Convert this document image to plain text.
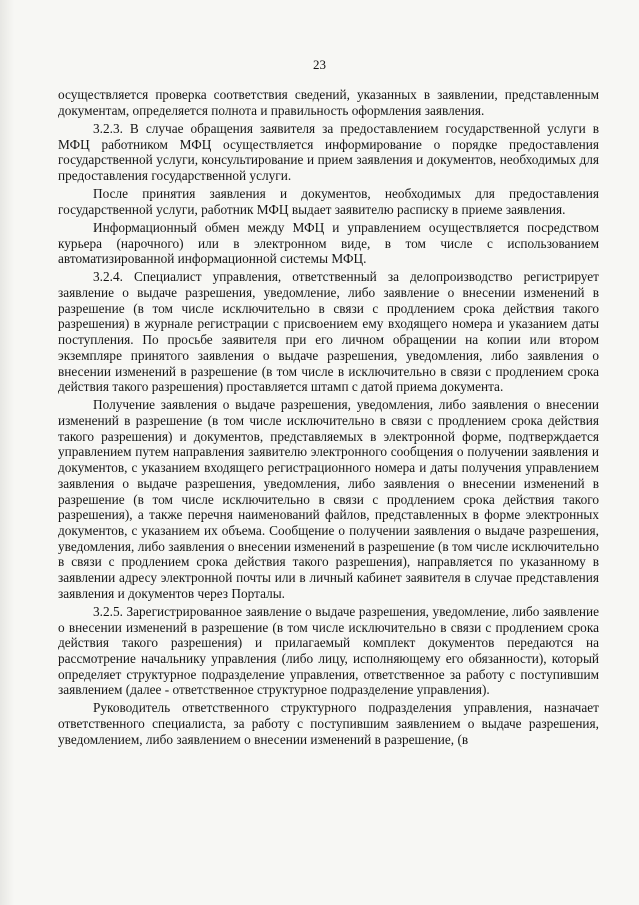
23

осуществляется проверка соответствия сведений, указанных в заявлении, представленным документам, определяется полнота и правильность оформления заявления.

3.2.3. В случае обращения заявителя за предоставлением государственной услуги в МФЦ работником МФЦ осуществляется информирование о порядке предоставления государственной услуги, консультирование и прием заявления и документов, необходимых для предоставления государственной услуги.

После принятия заявления и документов, необходимых для предоставления государственной услуги, работник МФЦ выдает заявителю расписку в приеме заявления.

Информационный обмен между МФЦ и управлением осуществляется посредством курьера (нарочного) или в электронном виде, в том числе с использованием автоматизированной информационной системы МФЦ.

3.2.4. Специалист управления, ответственный за делопроизводство регистрирует заявление о выдаче разрешения, уведомление, либо заявление о внесении изменений в разрешение (в том числе исключительно в связи с продлением срока действия такого разрешения) в журнале регистрации с присвоением ему входящего номера и указанием даты поступления. По просьбе заявителя при его личном обращении на копии или втором экземпляре принятого заявления о выдаче разрешения, уведомления, либо заявления о внесении изменений в разрешение (в том числе в исключительно в связи с продлением срока действия такого разрешения) проставляется штамп с датой приема документа.

Получение заявления о выдаче разрешения, уведомления, либо заявления о внесении изменений в разрешение (в том числе исключительно в связи с продлением срока действия такого разрешения) и документов, представляемых в электронной форме, подтверждается управлением путем направления заявителю электронного сообщения о получении заявления и документов, с указанием входящего регистрационного номера и даты получения управлением заявления о выдаче разрешения, уведомления, либо заявления о внесении изменений в разрешение (в том числе исключительно в связи с продлением срока действия такого разрешения), а также перечня наименований файлов, представленных в форме электронных документов, с указанием их объема. Сообщение о получении заявления о выдаче разрешения, уведомления, либо заявления о внесении изменений в разрешение (в том числе исключительно в связи с продлением срока действия такого разрешения), направляется по указанному в заявлении адресу электронной почты или в личный кабинет заявителя в случае представления заявления и документов через Порталы.

3.2.5. Зарегистрированное заявление о выдаче разрешения, уведомление, либо заявление о внесении изменений в разрешение (в том числе исключительно в связи с продлением срока действия такого разрешения) и прилагаемый комплект документов передаются на рассмотрение начальнику управления (либо лицу, исполняющему его обязанности), который определяет структурное подразделение управления, ответственное за работу с поступившим заявлением (далее - ответственное структурное подразделение управления).

Руководитель ответственного структурного подразделения управления, назначает ответственного специалиста, за работу с поступившим заявлением о выдаче разрешения, уведомлением, либо заявлением о внесении изменений в разрешение, (в
